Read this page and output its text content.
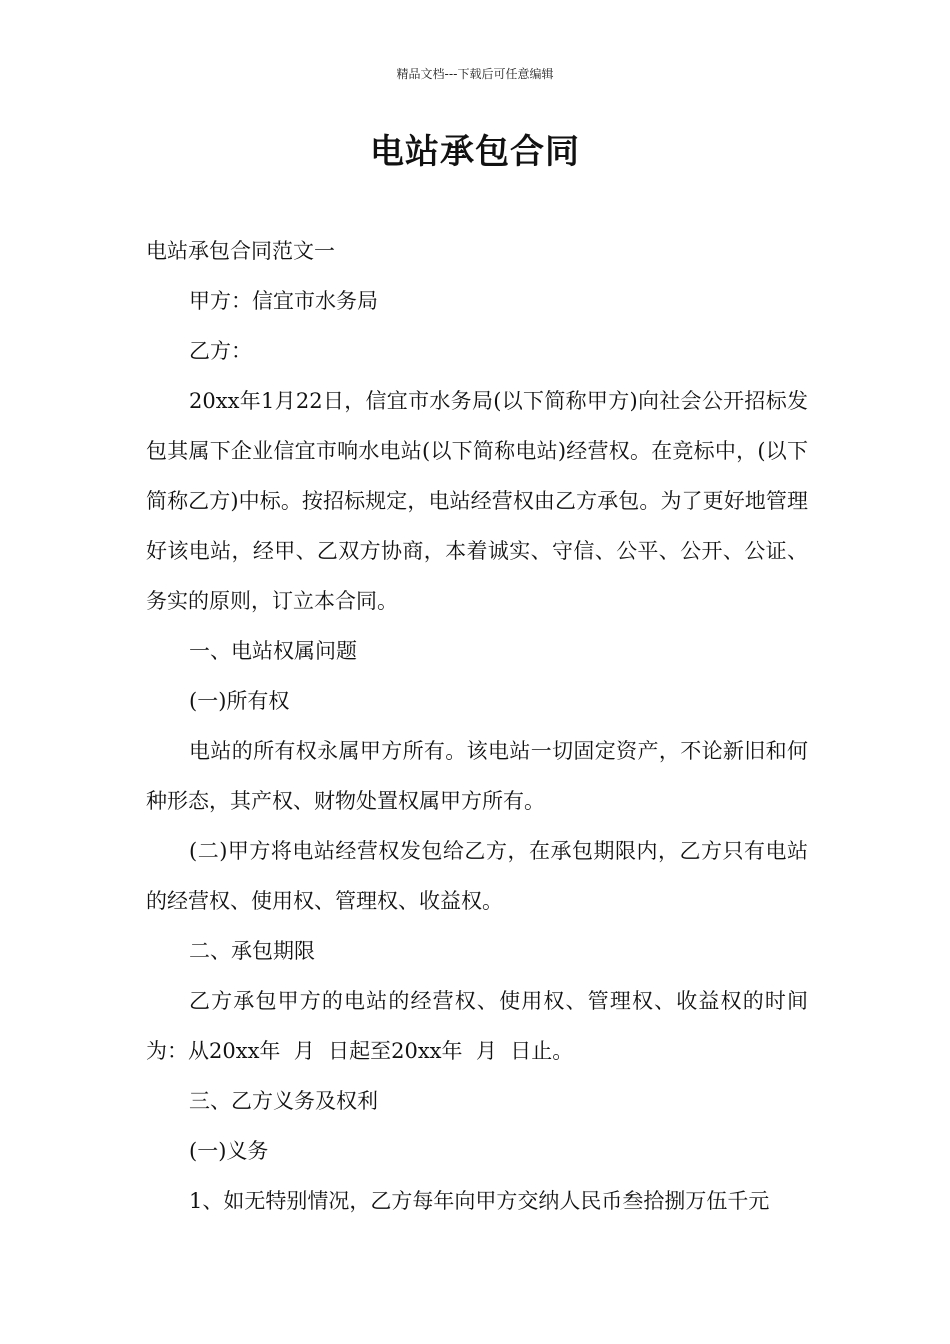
精品文档---下载后可任意编辑
电站承包合同

电站承包合同范文一

甲方：信宜市水务局

乙方：

20xx年1月22日，信宜市水务局(以下简称甲方)向社会公开招标发包其属下企业信宜市响水电站(以下简称电站)经营权。在竞标中，(以下简称乙方)中标。按招标规定，电站经营权由乙方承包。为了更好地管理好该电站，经甲、乙双方协商，本着诚实、守信、公平、公开、公证、务实的原则，订立本合同。

一、电站权属问题

(一)所有权

电站的所有权永属甲方所有。该电站一切固定资产，不论新旧和何种形态，其产权、财物处置权属甲方所有。

(二)甲方将电站经营权发包给乙方，在承包期限内，乙方只有电站的经营权、使用权、管理权、收益权。

二、承包期限

乙方承包甲方的电站的经营权、使用权、管理权、收益权的时间为：从20xx年  月  日起至20xx年  月  日止。

三、乙方义务及权利

(一)义务

1、如无特别情况，乙方每年向甲方交纳人民币叁拾捌万伍千元
